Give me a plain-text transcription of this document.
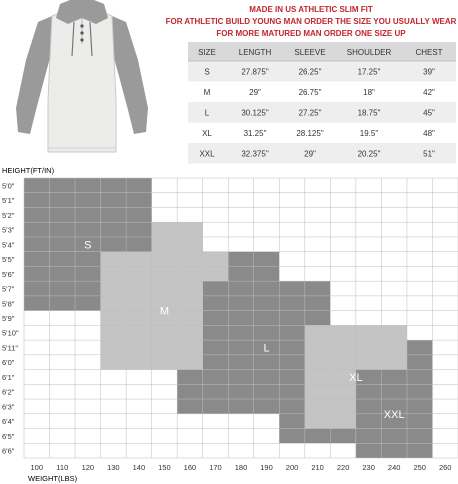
MADE IN US ATHLETIC SLIM FIT
FOR ATHLETIC BUILD YOUNG MAN ORDER THE SIZE YOU USUALLY WEAR
FOR MORE MATURED MAN ORDER ONE SIZE UP
SIZE	LENGTH	SLEEVE	SHOULDER	CHEST
S	27.875"	26.25"	17.25"	39"
M	29"	26.75"	18"	42"
L	30.125"	27.25"	18.75"	45"
XL	31.25"	28.125"	19.5"	48"
XXL	32.375"	29"	20.25"	51"
HEIGHT(FT/IN)
S
M
L
XL
XXL
5'0"
5'1"
5'2"
5'3"
5'4"
5'5"
5'6"
5'7"
5'8"
5'9"
5'10"
5'11"
6'0"
6'1"
6'2"
6'3"
6'4"
6'5"
6'6"
100 110 120 130 140 150 160 170 180 190 200 210 220 230 240 250 260
WEIGHT(LBS)
